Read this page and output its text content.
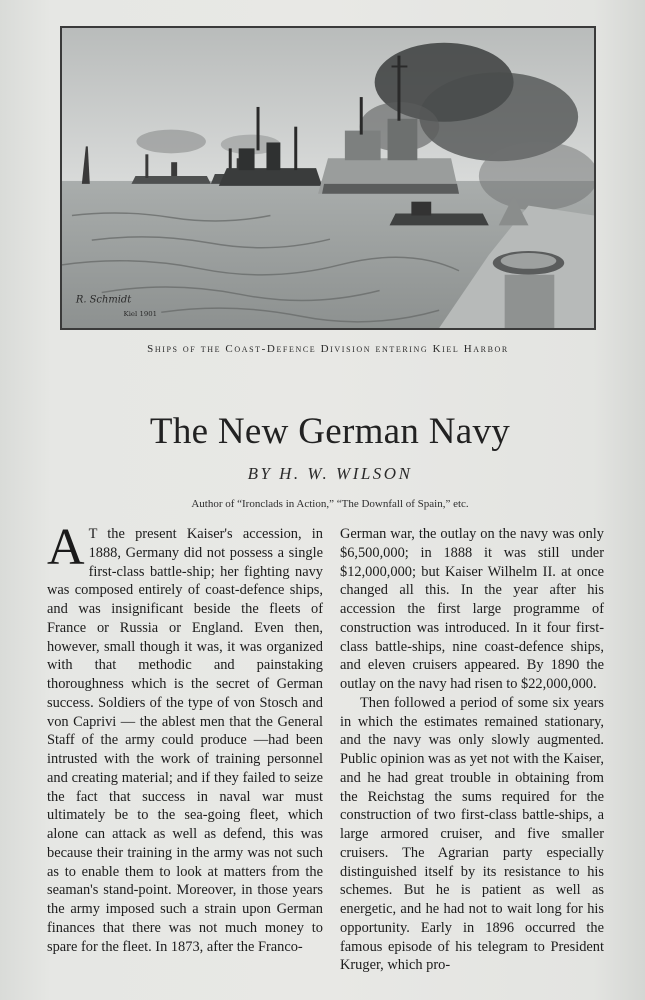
R. Schmidt
Kiel 1901
Ships of the Coast-Defence Division entering Kiel Harbor
The New German Navy
BY H. W. WILSON
Author of “Ironclads in Action,” “The Downfall of Spain,” etc.

A T the present Kaiser's accession, in 1888, Germany did not possess a single first-class battle-ship; her fighting navy was composed entirely of coast-defence ships, and was insignificant beside the fleets of France or Russia or England. Even then, however, small though it was, it was organized with that methodic and painstaking thoroughness which is the secret of German success. Soldiers of the type of von Stosch and von Caprivi — the ablest men that the General Staff of the army could produce —had been intrusted with the work of training personnel and creating material; and if they failed to seize the fact that success in naval war must ultimately be to the sea-going fleet, which alone can attack as well as defend, this was because their training in the army was not such as to enable them to look at matters from the seaman's stand-point. Moreover, in those years the army imposed such a strain upon German finances that there was not much money to spare for the fleet. In 1873, after the Franco-

German war, the outlay on the navy was only $6,500,000; in 1888 it was still under $12,000,000; but Kaiser Wilhelm II. at once changed all this. In the year after his accession the first large programme of construction was introduced. In it four first-class battle-ships, nine coast-defence ships, and eleven cruisers appeared. By 1890 the outlay on the navy had risen to $22,000,000.

Then followed a period of some six years in which the estimates remained stationary, and the navy was only slowly augmented. Public opinion was as yet not with the Kaiser, and he had great trouble in obtaining from the Reichstag the sums required for the construction of two first-class battle-ships, a large armored cruiser, and five smaller cruisers. The Agrarian party especially distinguished itself by its resistance to his schemes. But he is patient as well as energetic, and he had not to wait long for his opportunity. Early in 1896 occurred the famous episode of his telegram to President Kruger, which pro-
